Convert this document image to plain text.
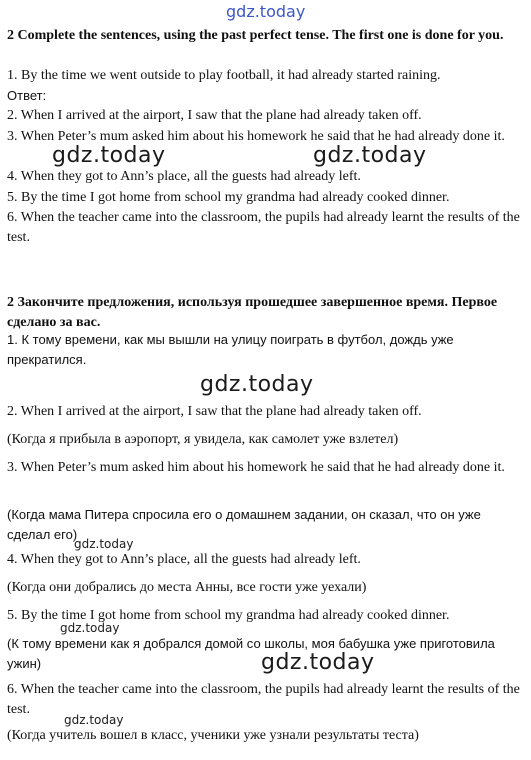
gdz.today

2 Complete the sentences, using the past perfect tense. The first one is done for you.

1. By the time we went outside to play football, it had already started raining.

Ответ:

2. When I arrived at the airport, I saw that the plane had already taken off.

3. When Peter’s mum asked him about his homework he said that he had already done it.

4. When they got to Ann’s place, all the guests had already left.

5. By the time I got home from school my grandma had already cooked dinner.

6. When the teacher came into the classroom, the pupils had already learnt the results of the test.

gdz.today	gdz.today

2 Закончите предложения, используя прошедшее завершенное время. Первое сделано за вас.

1. К тому времени, как мы вышли на улицу поиграть в футбол, дождь уже прекратился.

gdz.today

2. When I arrived at the airport, I saw that the plane had already taken off.

(Когда я прибыла в аэропорт, я увидела, как самолет уже взлетел)

3. When Peter’s mum asked him about his homework he said that he had already done it.

(Когда мама Питера спросила его о домашнем задании, он сказал, что он уже сделал его)

gdz.today

4. When they got to Ann’s place, all the guests had already left.

(Когда они добрались до места Анны, все гости уже уехали)

5. By the time I got home from school my grandma had already cooked dinner.

gdz.today

(К тому времени как я добрался домой со школы, моя бабушка уже приготовила ужин)	gdz.today

6. When the teacher came into the classroom, the pupils had already learnt the results of the test.

gdz.today

(Когда учитель вошел в класс, ученики уже узнали результаты теста)
